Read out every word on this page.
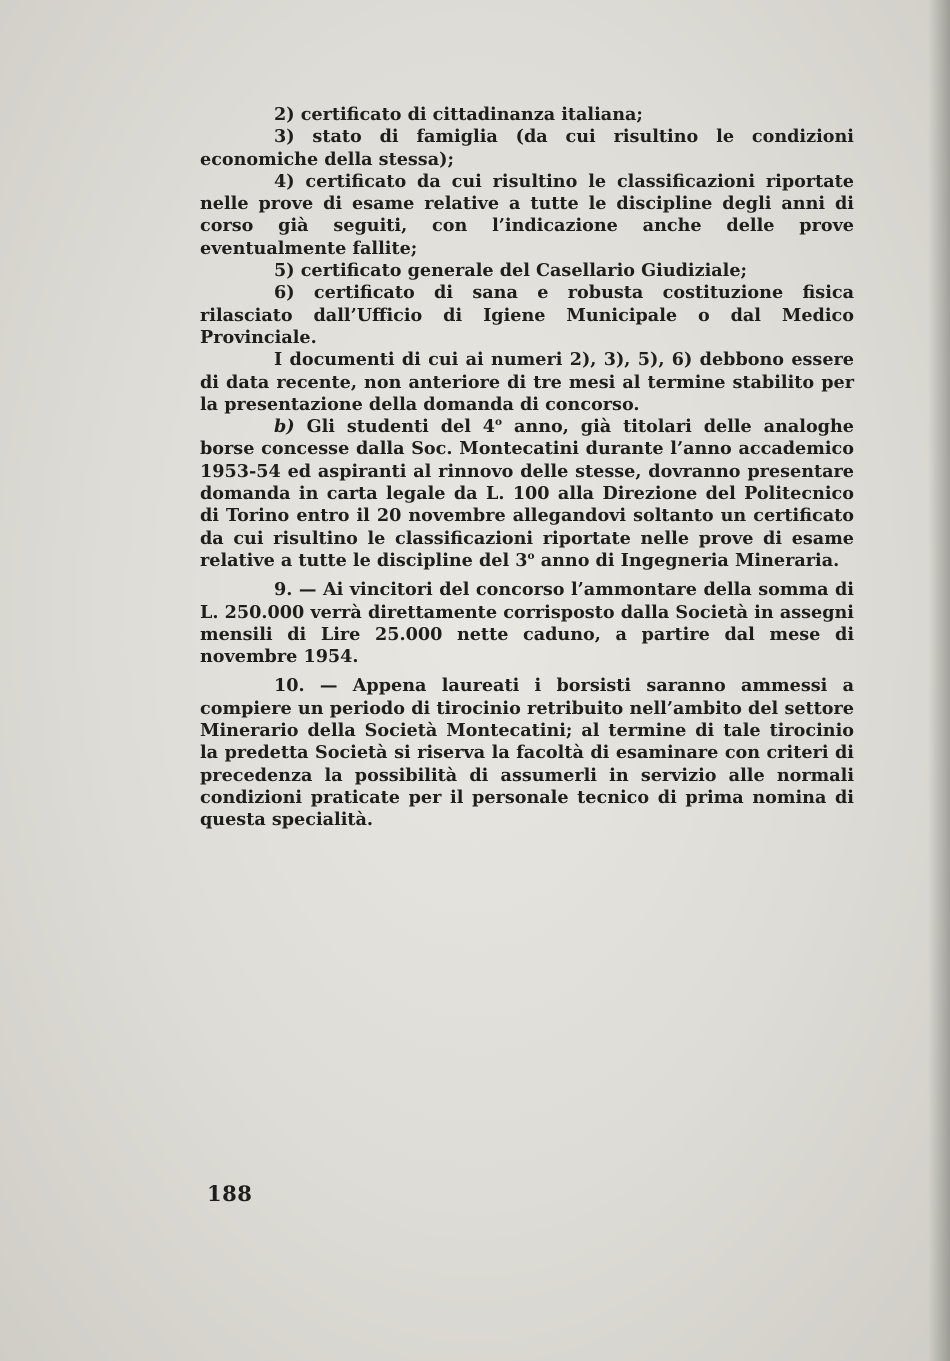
2) certificato di cittadinanza italiana;

3) stato di famiglia (da cui risultino le condizioni economiche della stessa);

4) certificato da cui risultino le classificazioni riportate nelle prove di esame relative a tutte le discipline degli anni di corso già seguiti, con l’indicazione anche delle prove eventualmente fallite;

5) certificato generale del Casellario Giudiziale;

6) certificato di sana e robusta costituzione fisica rilasciato dall’Ufficio di Igiene Municipale o dal Medico Provinciale.

I documenti di cui ai numeri 2), 3), 5), 6) debbono essere di data recente, non anteriore di tre mesi al termine stabilito per la presentazione della domanda di concorso.

b) Gli studenti del 4$^o$ anno, già titolari delle analoghe borse concesse dalla Soc. Montecatini durante l’anno accademico 1953-54 ed aspiranti al rinnovo delle stesse, dovranno presentare domanda in carta legale da L. 100 alla Direzione del Politecnico di Torino entro il 20 novembre allegandovi soltanto un certificato da cui risultino le classificazioni riportate nelle prove di esame relative a tutte le discipline del 3$^o$ anno di Ingegneria Mineraria.

9. — Ai vincitori del concorso l’ammontare della somma di L. 250.000 verrà direttamente corrisposto dalla Società in assegni mensili di Lire 25.000 nette caduno, a partire dal mese di novembre 1954.

10. — Appena laureati i borsisti saranno ammessi a compiere un periodo di tirocinio retribuito nell’ambito del settore Minerario della Società Montecatini; al termine di tale tirocinio la predetta Società si riserva la facoltà di esaminare con criteri di precedenza la possibilità di assumerli in servizio alle normali condizioni praticate per il personale tecnico di prima nomina di questa specialità.

188
